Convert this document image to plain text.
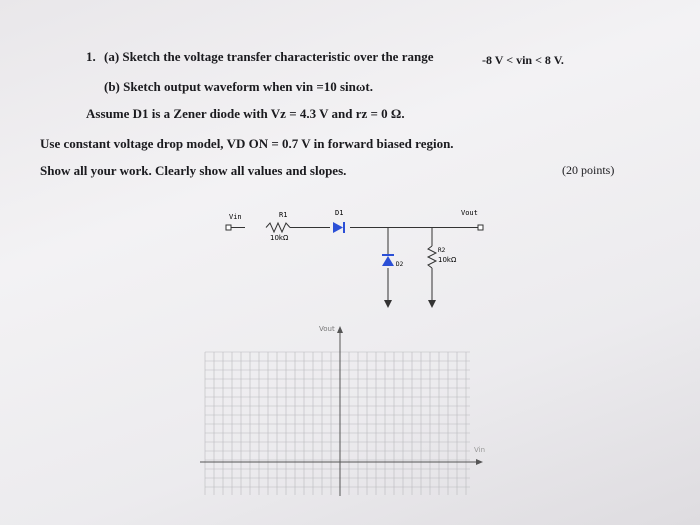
1. (a) Sketch the voltage transfer characteristic over the range	-8 V < vin < 8 V.
(b) Sketch output waveform when vin =10 sinωt.
Assume D1 is a Zener diode with Vz = 4.3 V and rz = 0 Ω.
Use constant voltage drop model, VD ON = 0.7 V in forward biased region.
Show all your work. Clearly show all values and slopes.	(20 points)
Vin	R1
10kΩ
D1	Vout
D2
R2
10kΩ
Vout
Vin
